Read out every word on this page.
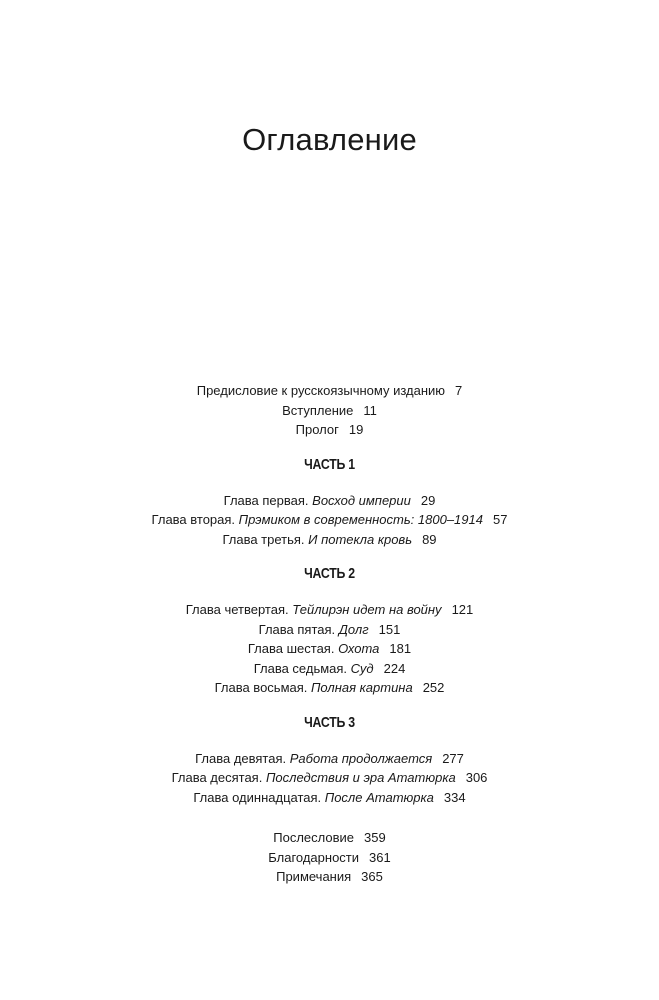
Оглавление
Предисловие к русскоязычному изданию 7
Вступление 11
Пролог 19
ЧАСТЬ 1
Глава первая. Восход империи 29
Глава вторая. Прэмиком в современность: 1800–1914 57
Глава третья. И потекла кровь 89
ЧАСТЬ 2
Глава четвертая. Тейлирэн идет на войну 121
Глава пятая. Долг 151
Глава шестая. Охота 181
Глава седьмая. Суд 224
Глава восьмая. Полная картина 252
ЧАСТЬ 3
Глава девятая. Работа продолжается 277
Глава десятая. Последствия и эра Ататюрка 306
Глава одиннадцатая. После Ататюрка 334
Послесловие 359
Благодарности 361
Примечания 365
